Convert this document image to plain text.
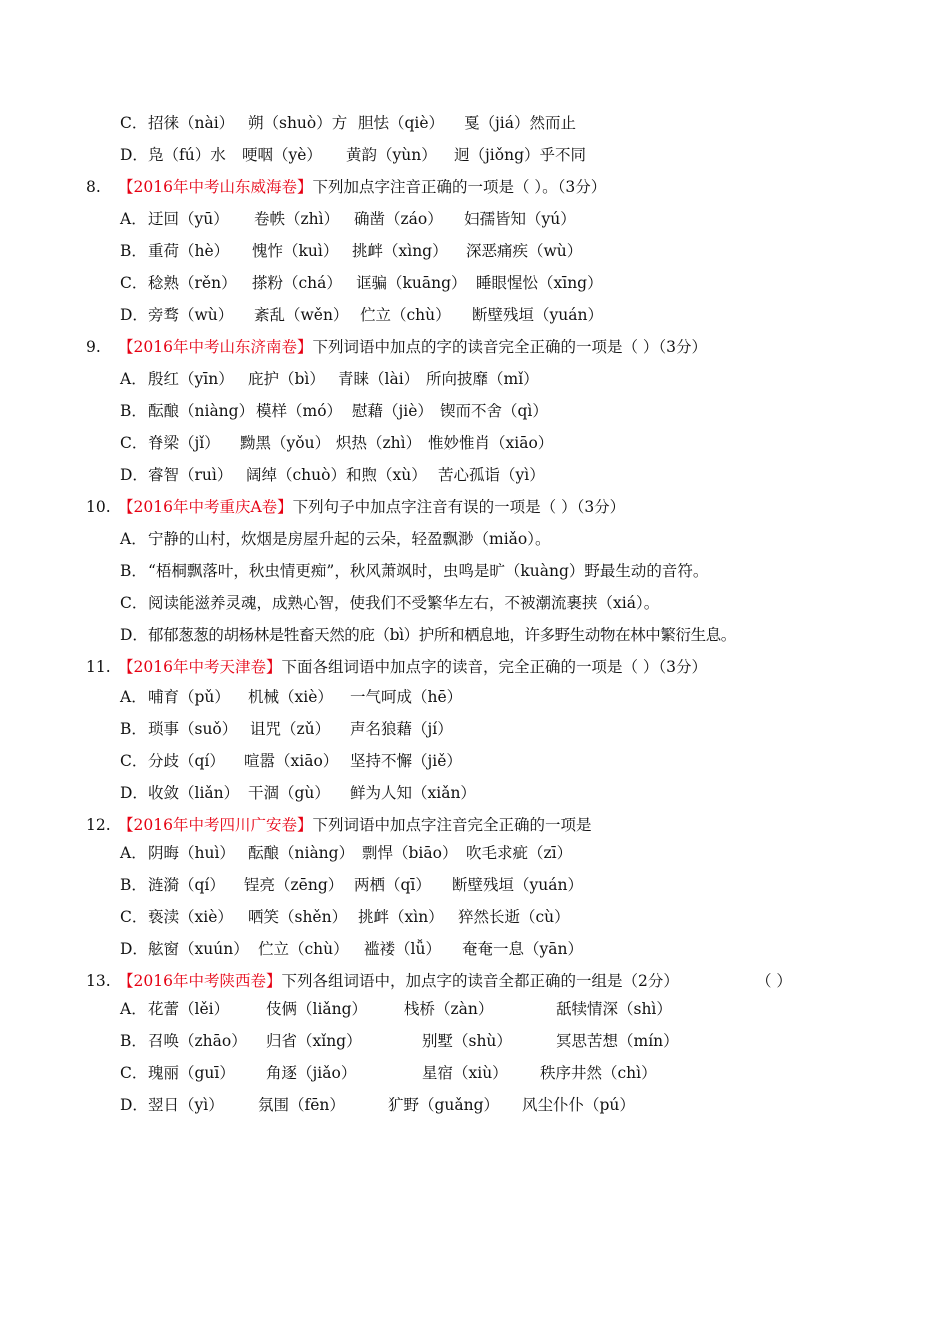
C． 招徕（nài） 朔（shuò）方 胆怯（qiè） 戛（jiá）然而止
D． 凫（fú）水 哽咽（yè） 黄韵（yùn） 迥（jiǒng）乎不同
8. 【2016年中考山东威海卷】下列加点字注音正确的一项是（ ）。（3分）
A． 迂回（yū） 卷帙（zhì） 确凿（záo） 妇孺皆知（yú）
B． 重荷（hè） 愧怍（kuì） 挑衅（xìng） 深恶痛疾（wù）
C． 稔熟（rěn） 搽粉（chá） 诓骗（kuāng） 睡眼惺忪（xīng）
D． 旁骛（wù） 紊乱（wěn） 伫立（chù） 断壁残垣（yuán）
9. 【2016年中考山东济南卷】下列词语中加点的字的读音完全正确的一项是（ ）（3分）
A． 殷红（yīn） 庇护（bì） 青睐（lài） 所向披靡（mǐ）
B． 酝酿（niàng） 模样（mó） 慰藉（jiè） 锲而不舍（qì）
C． 脊梁（jǐ） 黝黑（yǒu） 炽热（zhì） 惟妙惟肖（xiāo）
D． 睿智（ruì） 阔绰（chuò） 和煦（xù） 苦心孤诣（yì）
10. 【2016年中考重庆A卷】下列句子中加点字注音有误的一项是（ ）（3分）
A． 宁静的山村，炊烟是房屋升起的云朵，轻盈飘渺（miǎo）。
B． “梧桐飘落叶，秋虫情更痴”，秋风萧飒时，虫鸣是旷（kuàng）野最生动的音符。
C． 阅读能滋养灵魂，成熟心智，使我们不受繁华左右，不被潮流裹挟（xiá）。
D． 郁郁葱葱的胡杨林是牲畜天然的庇（bì）护所和栖息地，许多野生动物在林中繁衍生息。
11. 【2016年中考天津卷】下面各组词语中加点字的读音，完全正确的一项是（ ）（3分）
A． 哺育（pǔ） 机械（xiè） 一气呵成（hē）
B． 琐事（suǒ） 诅咒（zǔ） 声名狼藉（jí）
C． 分歧（qí） 喧嚣（xiāo） 坚持不懈（jiě）
D． 收敛（liǎn） 干涸（gù） 鲜为人知（xiǎn）
12. 【2016年中考四川广安卷】下列词语中加点字注音完全正确的一项是
A． 阴晦（huì） 酝酿（niàng） 剽悍（biāo） 吹毛求疵（zī）
B． 涟漪（qí） 锃亮（zēng） 两栖（qī） 断壁残垣（yuán）
C． 亵渎（xiè） 哂笑（shěn） 挑衅（xìn） 猝然长逝（cù）
D． 舷窗（xuún） 伫立（chù） 褴褛（lǚ） 奄奄一息（yān）
13. 【2016年中考陕西卷】下列各组词语中，加点字的读音全都正确的一组是（2分）	（ ）
A． 花蕾（lěi） 伎俩（liǎng） 栈桥（zàn）	舐犊情深（shì）
B． 召唤（zhāo） 归省（xǐng）	别墅（shù）	冥思苦想（mín）
C． 瑰丽（guī） 角逐（jiǎo）	星宿（xiù） 秩序井然（chì）
D． 翌日（yì） 氛围（fēn）	犷野（guǎng） 风尘仆仆（pú）
